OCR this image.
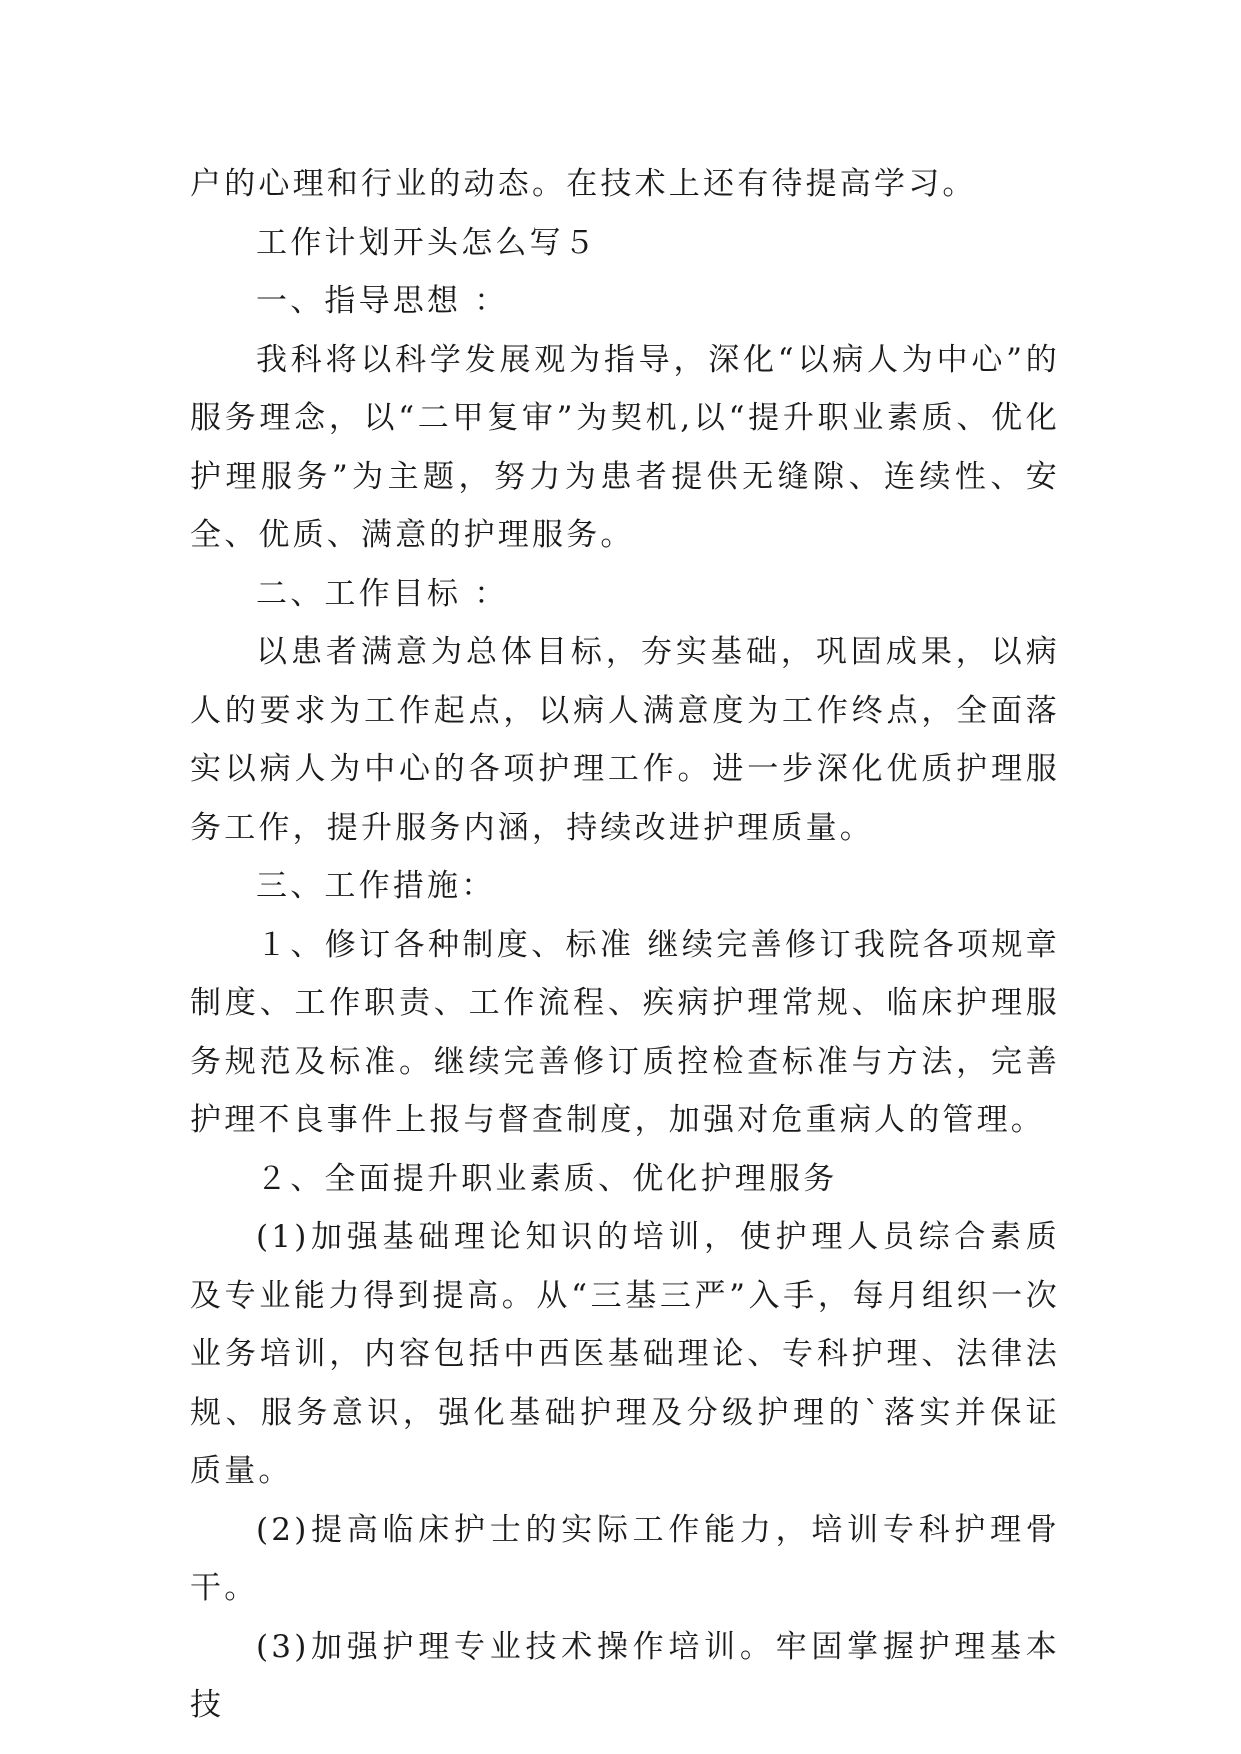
户的心理和行业的动态。在技术上还有待提高学习。

工作计划开头怎么写５

一、指导思想 ：

我科将以科学发展观为指导，深化“以病人为中心”的服务理念，以“二甲复审”为契机,以“提升职业素质、优化护理服务”为主题，努力为患者提供无缝隙、连续性、安全、优质、满意的护理服务。

二、工作目标 ：

以患者满意为总体目标，夯实基础，巩固成果，以病人的要求为工作起点，以病人满意度为工作终点，全面落实以病人为中心的各项护理工作。进一步深化优质护理服务工作，提升服务内涵，持续改进护理质量。

三、工作措施：

１、修订各种制度、标准 继续完善修订我院各项规章制度、工作职责、工作流程、疾病护理常规、临床护理服务规范及标准。继续完善修订质控检查标准与方法，完善护理不良事件上报与督查制度，加强对危重病人的管理。

２、全面提升职业素质、优化护理服务

(1)加强基础理论知识的培训，使护理人员综合素质及专业能力得到提高。从“三基三严”入手，每月组织一次业务培训，内容包括中西医基础理论、专科护理、法律法规、服务意识，强化基础护理及分级护理的`落实并保证质量。

(2)提高临床护士的实际工作能力，培训专科护理骨干。

(3)加强护理专业技术操作培训。牢固掌握护理基本技
